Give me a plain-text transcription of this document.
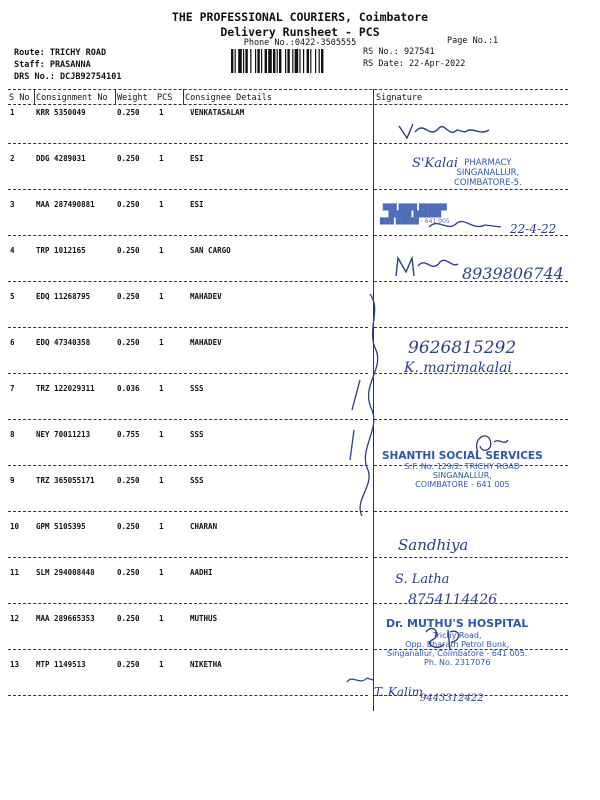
THE PROFESSIONAL COURIERS, Coimbatore
Delivery Runsheet - PCS
Phone No.:0422-3505555	Page No.:1
Route: TRICHY ROAD
Staff: PRASANNA
DRS No.: DCJB92754101
RS No.: 927541
RS Date: 22-Apr-2022
S No Consignment No Weight PCS Consignee Details	Signature
1	KRR 5350049	0.250	1	VENKATASALAM
2	DDG 4289031	0.250	1	ESI
3	MAA 287490881	0.250	1	ESI
4	TRP 1012165	0.250	1	SAN CARGO
5	EDQ 11268795	0.250	1	MAHADEV
6	EDQ 47340358	0.250	1	MAHADEV
7	TRZ 122029311	0.036	1	SSS
8	NEY 70011213	0.755	1	SSS
9	TRZ 365055171	0.250	1	SSS
10 GPM 5105395	0.250	1	CHARAN
11 SLM 294008448	0.250	1	AADHI
12 MAA 289665353	0.250	1	MUTHUS
13 MTP 1149513	0.250	1	NIKETHA
S'Kalai PHARMACY
SINGANALLUR,
COIMBATORE-5.
███ ████ ██████
█████ ██████
███ █████ - 641 005
22-4-22
8939806744
9626815292
K. marimakalai
SHANTHI SOCIAL SERVICES
S.F. No. 129/2, TRICHY ROAD
SINGANALLUR,
COIMBATORE - 641 005
Sandhiya
S. Latha
8754114426
Dr. MUTHU'S HOSPITAL
Trichy Road,
Opp. Bharath Petrol Bunk,
Singanallur, Coimbatore - 641 005.
Ph. No. 2317076
T. Kalim
9443312422
